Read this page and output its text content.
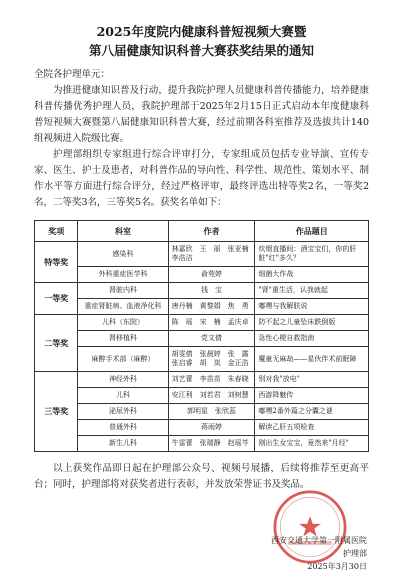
2025年度院内健康科普短视频大赛暨
第八届健康知识科普大赛获奖结果的通知
全院各护理单元：
为推进健康知识普及行动，提升我院护理人员健康科普传播能力，培养健康科普传播优秀护理人员，我院护理部于2025年2月15日正式启动本年度健康科普短视频大赛暨第八届健康知识科普大赛，经过前期各科室推荐及选拔共计140组视频进入院级比赛。
护理部组织专家组进行综合评审打分，专家组成员包括专业导演、宣传专家、医生、护士及患者，对科普作品的导向性、科学性、规范性、策划水平、制作水平等方面进行综合评分，经过严格评审，最终评选出特等奖2名，一等奖2名，二等奖3名，三等奖5名。获奖名单如下：
奖项	科室	作者	作品题目
特等奖	感染科	林嘉欣　王　丽　张亚楠　李浩洁	炊烟直播间：酒宝宝们，你的肝脏"红"多久？
	外科重症医学科	俞苑婷	细菌大作战
一等奖	肾脏内科	钱　宝	"肾"重生活，认我就起
	重症肾脏病、血液净化科	唐丹楠　黄黎娟　焦　勇	嘟嘿与我解肤说
二等奖	儿科（东院）	陈　瑶　宋　楠　孟庆卓	防不起之儿童坠床跌倒版
	肾移植科	党文倩	急性心梗自救指南
	麻醉手术部（麻醉）	胡雯倩　张晨婷　张　露　张启睿　胡　岚　金正浩	魔童无麻劫——星伙伴术前眠障
三等奖	神经外科	刘艺蕾　李苗苗　朱春晓	别对我"放电"
	儿科	安江利　刘若君　刘树慧	西游降魅传
	泌尿外科	郭明星　张欣蕊	嘟嘿2番外篇之分囊之谜
	普通外科	蒋雨婷	解读乙肝五项检查
	新生儿科	牛雷蕾　张瑞静　赵瑶芩	刚出生女宝宝，竟然来"月经"
以上获奖作品即日起在护理部公众号、视频号展播，后续将推荐至更高平台；同时，护理部将对获奖者进行表彰，并发放荣誉证书及奖品。
西安交通大学第一附属医院
护理部
2025年3月30日
